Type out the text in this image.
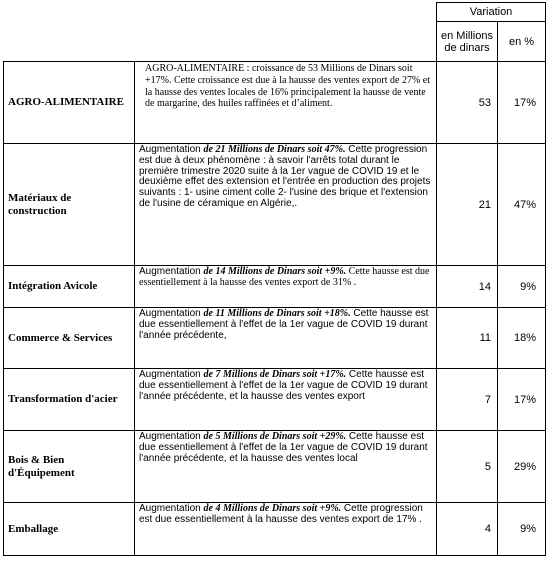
		Variation	
		en Millions de dinars	en %
AGRO-ALIMENTAIRE	AGRO-ALIMENTAIRE : croissance de 53 Millions de Dinars soit +17%. Cette croissance est due à la hausse des ventes export de 27% et la hausse des ventes locales de 16% principalement la hausse de vente de margarine, des huiles raffinées et d’aliment.	53	17%
Matériaux de construction	Augmentation de 21 Millions de Dinars soit 47%. Cette progression est due à deux phénomène : à savoir l'arrêts total durant le première trimestre 2020 suite à la 1er vague de COVID 19 et le deuxième effet des extension et l'entrée en production des projets suivants : 1- usine ciment colle 2- l'usine des brique et l'extension de l'usine de céramique en Algérie,.	21	47%
Intégration Avicole	Augmentation de 14 Millions de Dinars soit +9%. Cette hausse est due essentiellement à la hausse des ventes export de 31% .	14	9%
Commerce & Services	Augmentation de 11 Millions de Dinars soit +18%. Cette hausse est due essentiellement à l'effet de la 1er vague de COVID 19 durant l'année précédente,	11	18%
Transformation d'acier	Augmentation de 7 Millions de Dinars soit +17%. Cette hausse est due essentiellement à l'effet de la 1er vague de COVID 19 durant l'année précédente, et la hausse des ventes export	7	17%
Bois & Bien d'Équipement	Augmentation de 5 Millions de Dinars soit +29%. Cette hausse est due essentiellement à l'effet de la 1er vague de COVID 19 durant l'année précédente, et la hausse des ventes local	5	29%
Emballage	Augmentation de 4 Millions de Dinars soit +9%. Cette progression est due essentiellement à la hausse des ventes export de 17% .	4	9%
